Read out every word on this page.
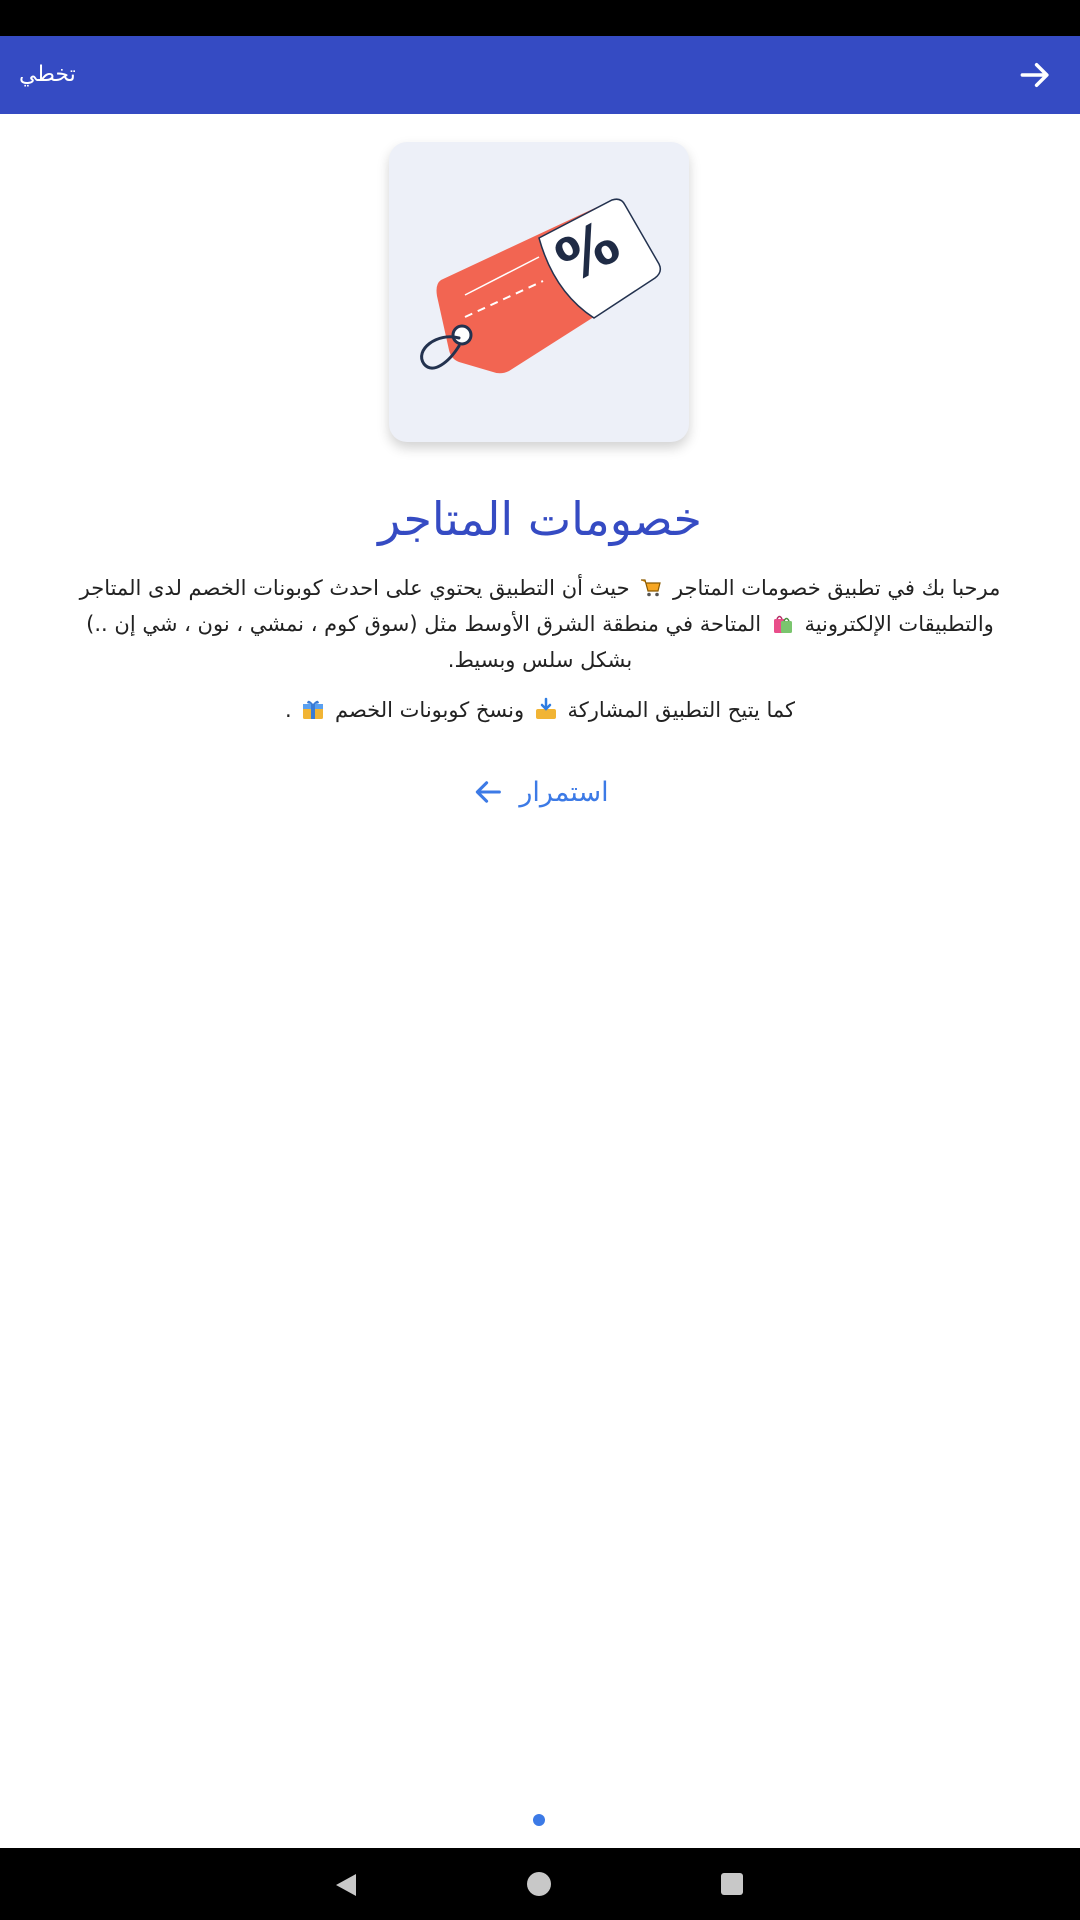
تخطي
%
خصومات المتاجر
مرحبا بك في تطبيق خصومات المتاجر  حيث أن التطبيق يحتوي على احدث كوبونات الخصم لدى المتاجر والتطبيقات الإلكترونية  المتاحة في منطقة الشرق الأوسط مثل (سوق كوم ، نمشي ، نون ، شي إن ..) بشكل سلس وبسيط.
كما يتيح التطبيق المشاركة  ونسخ كوبونات الخصم  .
استمرار
